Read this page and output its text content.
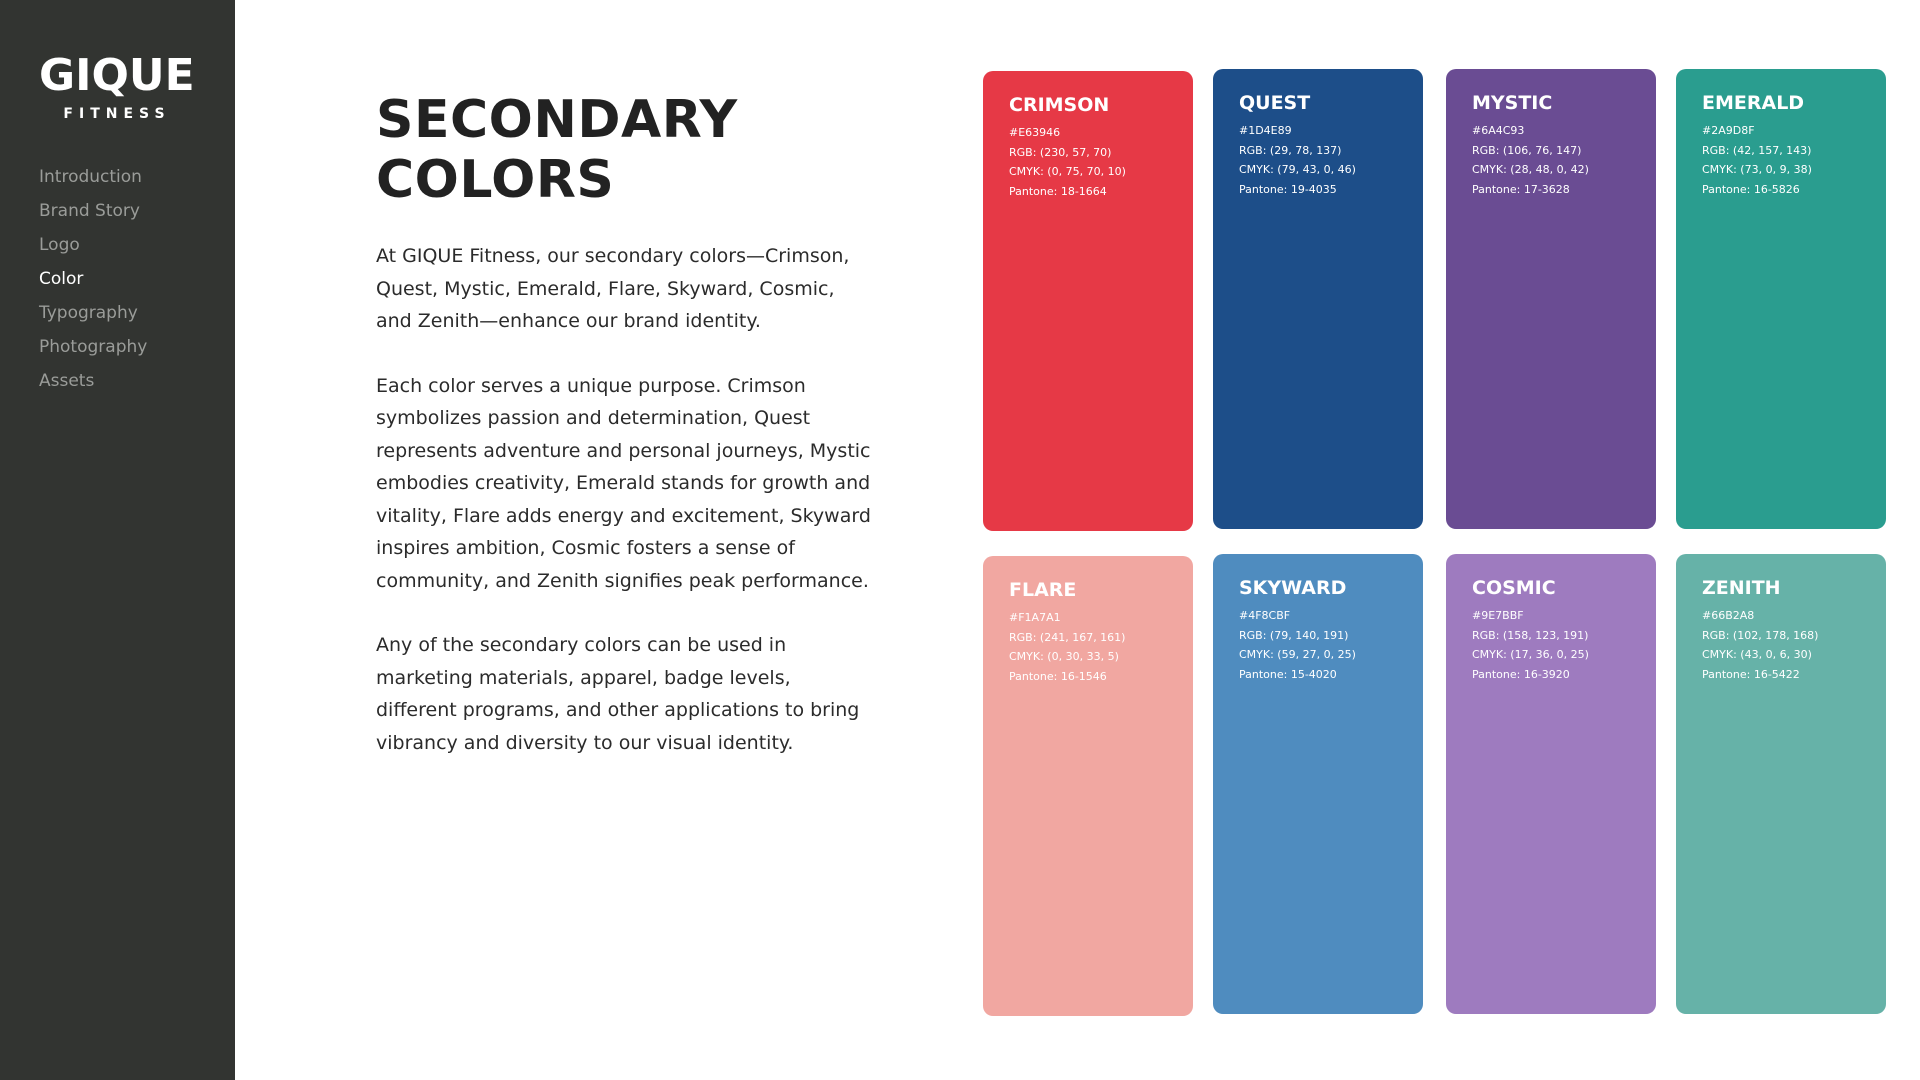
GIQUE
FITNESS
Introduction
Brand Story
Logo
Color
Typography
Photography
Assets
SECONDARY
COLORS

At GIQUE Fitness, our secondary colors—Crimson, Quest, Mystic, Emerald, Flare, Skyward, Cosmic, and Zenith—enhance our brand identity.

Each color serves a unique purpose. Crimson symbolizes passion and determination, Quest represents adventure and personal journeys, Mystic embodies creativity, Emerald stands for growth and vitality, Flare adds energy and excitement, Skyward inspires ambition, Cosmic fosters a sense of community, and Zenith signifies peak performance.

Any of the secondary colors can be used in marketing materials, apparel, badge levels, different programs, and other applications to bring vibrancy and diversity to our visual identity.

CRIMSON
#E63946
RGB: (230, 57, 70)
CMYK: (0, 75, 70, 10)
Pantone: 18-1664
QUEST
#1D4E89
RGB: (29, 78, 137)
CMYK: (79, 43, 0, 46)
Pantone: 19-4035
MYSTIC
#6A4C93
RGB: (106, 76, 147)
CMYK: (28, 48, 0, 42)
Pantone: 17-3628
EMERALD
#2A9D8F
RGB: (42, 157, 143)
CMYK: (73, 0, 9, 38)
Pantone: 16-5826
FLARE
#F1A7A1
RGB: (241, 167, 161)
CMYK: (0, 30, 33, 5)
Pantone: 16-1546
SKYWARD
#4F8CBF
RGB: (79, 140, 191)
CMYK: (59, 27, 0, 25)
Pantone: 15-4020
COSMIC
#9E7BBF
RGB: (158, 123, 191)
CMYK: (17, 36, 0, 25)
Pantone: 16-3920
ZENITH
#66B2A8
RGB: (102, 178, 168)
CMYK: (43, 0, 6, 30)
Pantone: 16-5422
